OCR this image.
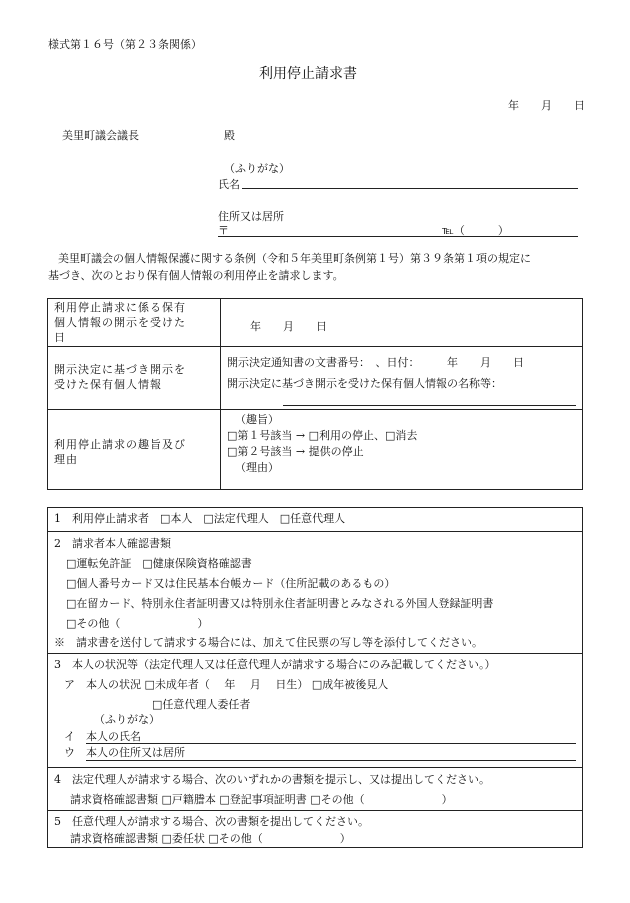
様式第１６号（第２３条関係）
利用停止請求書
年　　月　　日
美里町議会議長	殿
（ふりがな）
氏名
住所又は居所
〒	℡（　　　）
美里町議会の個人情報保護に関する条例（令和５年美里町条例第１号）第３９条第１項の規定に
基づき、次のとおり保有個人情報の利用停止を請求します。
利用停止請求に係る保有
個人情報の開示を受けた
日
年　　月　　日
開示決定に基づき開示を
受けた保有個人情報
開示決定通知書の文書番号：　、日付：　　　年　　月　　日
開示決定に基づき開示を受けた保有個人情報の名称等：
利用停止請求の趣旨及び
理由
（趣旨）
□第１号該当 → □利用の停止、□消去
□第２号該当 → 提供の停止
（理由）
1　利用停止請求者　□本人　□法定代理人　□任意代理人
2　請求者本人確認書類
□運転免許証　□健康保険資格確認書
□個人番号カード又は住民基本台帳カード（住所記載のあるもの）
□在留カード、特別永住者証明書又は特別永住者証明書とみなされる外国人登録証明書
□その他（　　　　　　　）
※　請求書を送付して請求する場合には、加えて住民票の写し等を添付してください。
3　本人の状況等（法定代理人又は任意代理人が請求する場合にのみ記載してください。）
ア　本人の状況 □未成年者（　 年　 月　 日生） □成年被後見人
□任意代理人委任者
（ふりがな）
イ　本人の氏名
ウ　本人の住所又は居所
4　法定代理人が請求する場合、次のいずれかの書類を提示し、又は提出してください。
請求資格確認書類 □戸籍謄本 □登記事項証明書 □その他（　　　　　　　）
5　任意代理人が請求する場合、次の書類を提出してください。
請求資格確認書類 □委任状 □その他（　　　　　　　）
